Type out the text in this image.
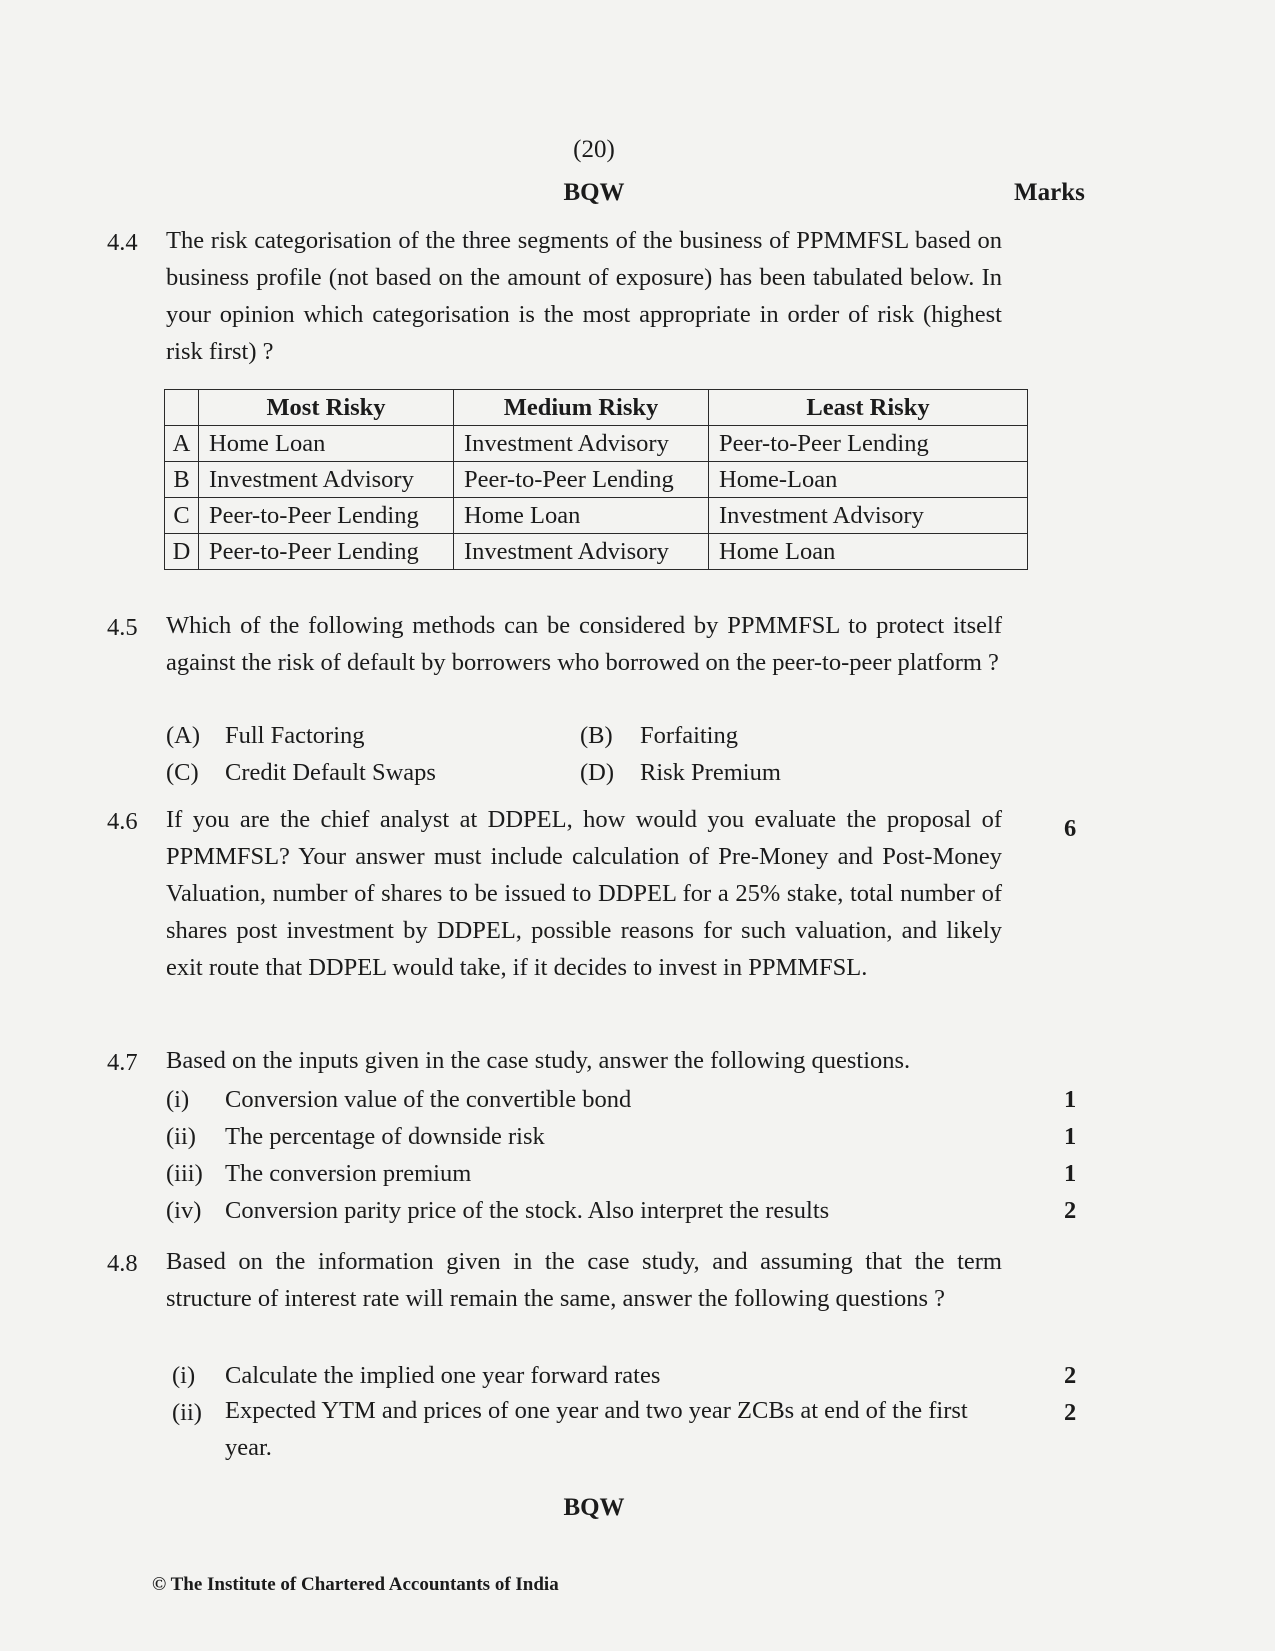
(20)
BQW	Marks
4.4 The risk categorisation of the three segments of the business of PPMMFSL based on business profile (not based on the amount of exposure) has been tabulated below. In your opinion which categorisation is the most appropriate in order of risk (highest risk first) ?
	Most Risky	Medium Risky	Least Risky
A	Home Loan	Investment Advisory	Peer-to-Peer Lending
B	Investment Advisory	Peer-to-Peer Lending	Home-Loan
C	Peer-to-Peer Lending	Home Loan	Investment Advisory
D	Peer-to-Peer Lending	Investment Advisory	Home Loan
4.5 Which of the following methods can be considered by PPMMFSL to protect itself against the risk of default by borrowers who borrowed on the peer-to-peer platform ?
(A) Full Factoring	(B) Forfaiting
(C) Credit Default Swaps	(D) Risk Premium
4.6 If you are the chief analyst at DDPEL, how would you evaluate the proposal of PPMMFSL? Your answer must include calculation of Pre-Money and Post-Money Valuation, number of shares to be issued to DDPEL for a 25% stake, total number of shares post investment by DDPEL, possible reasons for such valuation, and likely exit route that DDPEL would take, if it decides to invest in PPMMFSL.
6
4.7 Based on the inputs given in the case study, answer the following questions.
(i) Conversion value of the convertible bond	1
(ii) The percentage of downside risk	1
(iii) The conversion premium	1
(iv) Conversion parity price of the stock. Also interpret the results	2
4.8 Based on the information given in the case study, and assuming that the term structure of interest rate will remain the same, answer the following questions ?
(i) Calculate the implied one year forward rates	2
(ii) Expected YTM and prices of one year and two year ZCBs at end of the first year.
2
BQW
© The Institute of Chartered Accountants of India
